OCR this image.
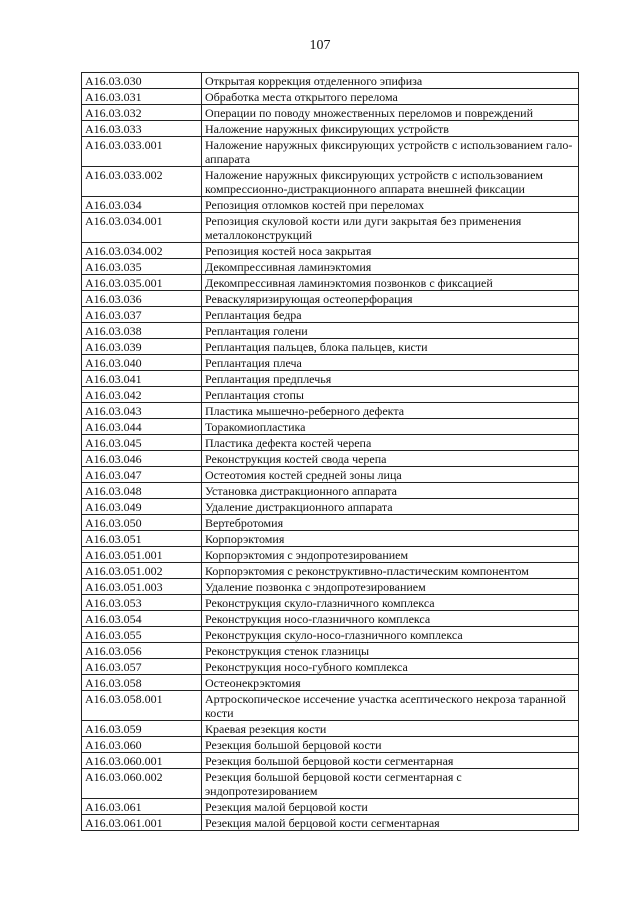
107
A16.03.030	Открытая коррекция отделенного эпифиза
A16.03.031	Обработка места открытого перелома
A16.03.032	Операции по поводу множественных переломов и повреждений
A16.03.033	Наложение наружных фиксирующих устройств
A16.03.033.001	Наложение наружных фиксирующих устройств с использованием гало-аппарата
A16.03.033.002	Наложение наружных фиксирующих устройств с использованием компрессионно-дистракционного аппарата внешней фиксации
A16.03.034	Репозиция отломков костей при переломах
A16.03.034.001	Репозиция скуловой кости или дуги закрытая без применения металлоконструкций
A16.03.034.002	Репозиция костей носа закрытая
A16.03.035	Декомпрессивная ламинэктомия
A16.03.035.001	Декомпрессивная ламинэктомия позвонков с фиксацией
A16.03.036	Реваскуляризирующая остеоперфорация
A16.03.037	Реплантация бедра
A16.03.038	Реплантация голени
A16.03.039	Реплантация пальцев, блока пальцев, кисти
A16.03.040	Реплантация плеча
A16.03.041	Реплантация предплечья
A16.03.042	Реплантация стопы
A16.03.043	Пластика мышечно-реберного дефекта
A16.03.044	Торакомиопластика
A16.03.045	Пластика дефекта костей черепа
A16.03.046	Реконструкция костей свода черепа
A16.03.047	Остеотомия костей средней зоны лица
A16.03.048	Установка дистракционного аппарата
A16.03.049	Удаление дистракционного аппарата
A16.03.050	Вертебротомия
A16.03.051	Корпорэктомия
A16.03.051.001	Корпорэктомия с эндопротезированием
A16.03.051.002	Корпорэктомия с реконструктивно-пластическим компонентом
A16.03.051.003	Удаление позвонка с эндопротезированием
A16.03.053	Реконструкция скуло-глазничного комплекса
A16.03.054	Реконструкция носо-глазничного комплекса
A16.03.055	Реконструкция скуло-носо-глазничного комплекса
A16.03.056	Реконструкция стенок глазницы
A16.03.057	Реконструкция носо-губного комплекса
A16.03.058	Остеонекрэктомия
A16.03.058.001	Артроскопическое иссечение участка асептического некроза таранной кости
A16.03.059	Краевая резекция кости
A16.03.060	Резекция большой берцовой кости
A16.03.060.001	Резекция большой берцовой кости сегментарная
A16.03.060.002	Резекция большой берцовой кости сегментарная с эндопротезированием
A16.03.061	Резекция малой берцовой кости
A16.03.061.001	Резекция малой берцовой кости сегментарная
